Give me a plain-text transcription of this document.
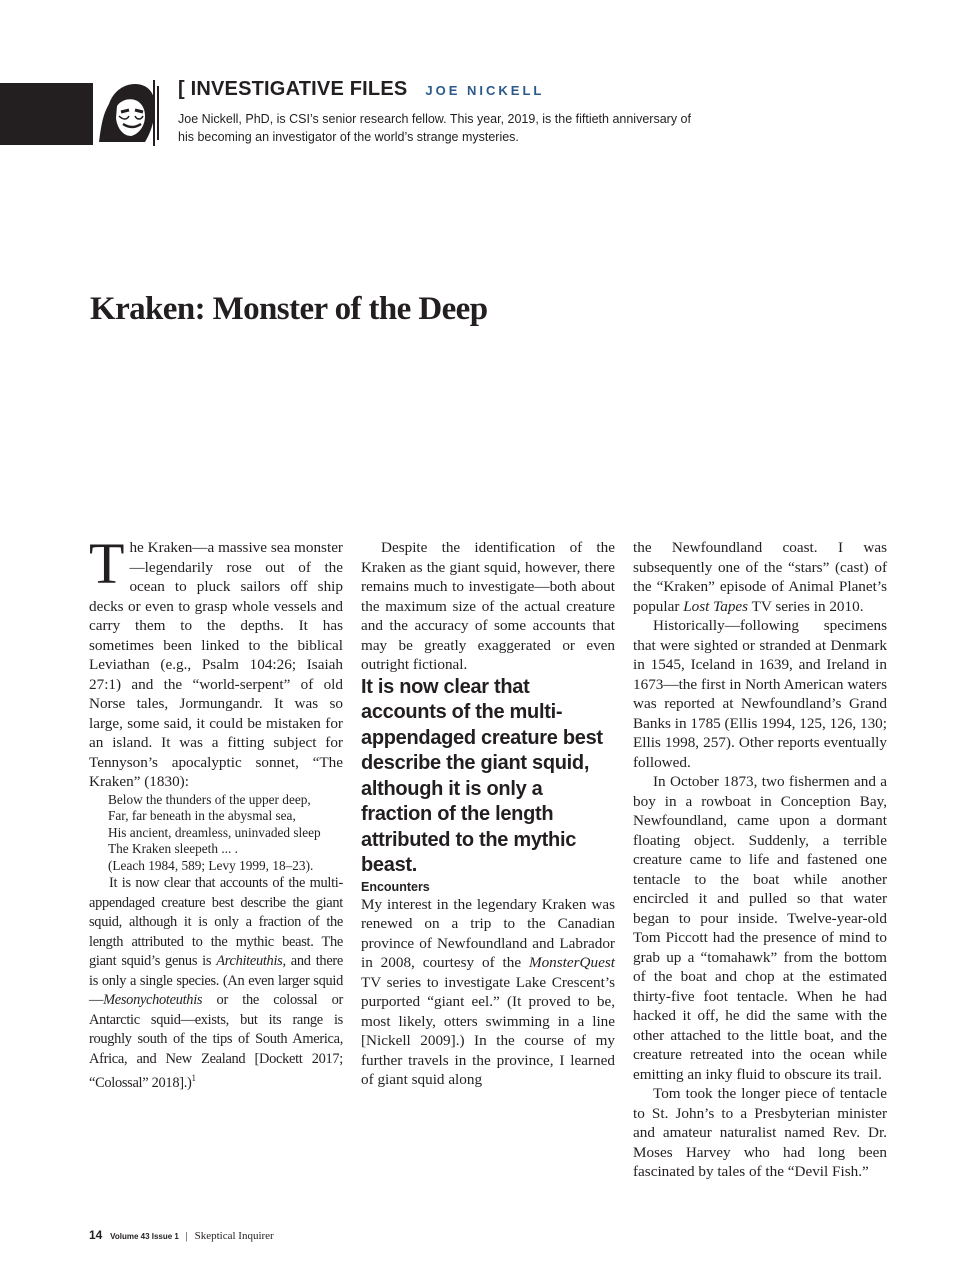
[ INVESTIGATIVE FILES JOE NICKELL
Joe Nickell, PhD, is CSI’s senior research fellow. This year, 2019, is the fiftieth anniversary of
his becoming an investigator of the world’s strange mysteries.
Kraken: Monster of the Deep

The Kraken—a massive sea monster—legendarily rose out of the ocean to pluck sailors off ship decks or even to grasp whole vessels and carry them to the depths. It has sometimes been linked to the biblical Leviathan (e.g., Psalm 104:26; Isaiah 27:1) and the “world-serpent” of old Norse tales, Jormungandr. It was so large, some said, it could be mistaken for an island. It was a fitting subject for Tennyson’s apocalyptic sonnet, “The Kraken” (1830):

Below the thunders of the upper deep,

Far, far beneath in the abysmal sea,

His ancient, dreamless, uninvaded sleep

The Kraken sleepeth ... .

(Leach 1984, 589; Levy 1999, 18–23).

It is now clear that accounts of the multi-appendaged creature best describe the giant squid, although it is only a fraction of the length attributed to the mythic beast. The giant squid’s genus is Architeuthis, and there is only a single species. (An even larger squid—Mesonychoteuthis or the colossal or Antarctic squid—exists, but its range is roughly south of the tips of South America, Africa, and New Zealand [Dockett 2017; “Colossal” 2018].)$^1$

Despite the identification of the Kraken as the giant squid, however, there remains much to investigate—both about the maximum size of the actual creature and the accuracy of some accounts that may be greatly exaggerated or even outright fictional.

It is now clear that accounts of the multi-appendaged creature best describe the giant squid, although it is only a fraction of the length attributed to the mythic beast.

Encounters

My interest in the legendary Kraken was renewed on a trip to the Canadian province of Newfoundland and Labrador in 2008, courtesy of the MonsterQuest TV series to investigate Lake Crescent’s purported “giant eel.” (It proved to be, most likely, otters swimming in a line [Nickell 2009].) In the course of my further travels in the province, I learned of giant squid along

the Newfoundland coast. I was subsequently one of the “stars” (cast) of the “Kraken” episode of Animal Planet’s popular Lost Tapes TV series in 2010.

Historically—following specimens that were sighted or stranded at Denmark in 1545, Iceland in 1639, and Ireland in 1673—the first in North American waters was reported at Newfoundland’s Grand Banks in 1785 (Ellis 1994, 125, 126, 130; Ellis 1998, 257). Other reports eventually followed.

In October 1873, two fishermen and a boy in a rowboat in Conception Bay, Newfoundland, came upon a dormant floating object. Suddenly, a terrible creature came to life and fastened one tentacle to the boat while another encircled it and pulled so that water began to pour inside. Twelve-year-old Tom Piccott had the presence of mind to grab up a “tomahawk” from the bottom of the boat and chop at the estimated thirty-five foot tentacle. When he had hacked it off, he did the same with the other attached to the little boat, and the creature retreated into the ocean while emitting an inky fluid to obscure its trail.

Tom took the longer piece of tentacle to St. John’s to a Presbyterian minister and amateur naturalist named Rev. Dr. Moses Harvey who had long been fascinated by tales of the “Devil Fish.”

14 Volume 43 Issue 1 | Skeptical Inquirer
